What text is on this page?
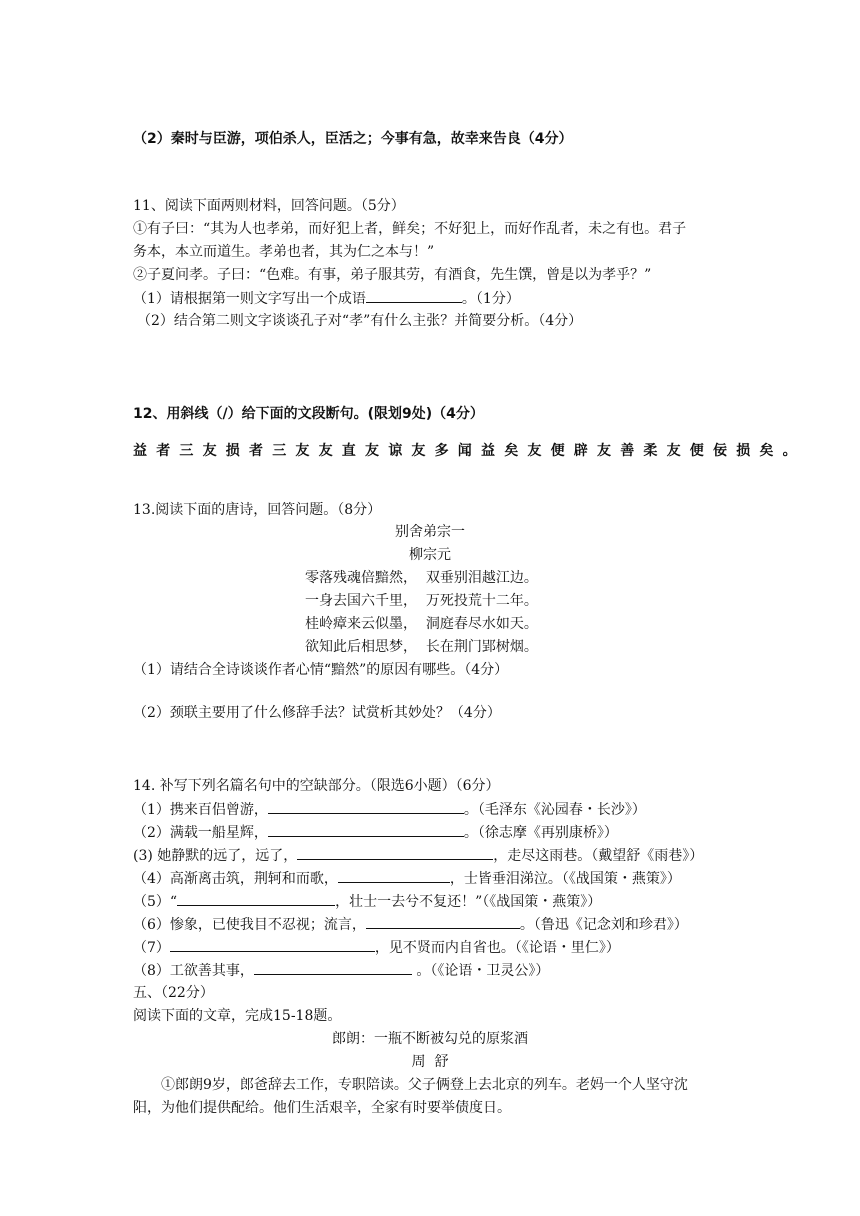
（2）秦时与臣游，项伯杀人，臣活之；今事有急，故幸来告良（4分）
11、阅读下面两则材料，回答问题。（5分）
①有子曰：“其为人也孝弟，而好犯上者，鲜矣；不好犯上，而好作乱者，未之有也。君子
务本，本立而道生。孝弟也者，其为仁之本与！”
②子夏问孝。子曰：“色难。有事，弟子服其劳，有酒食，先生馔，曾是以为孝乎？”
（1）请根据第一则文字写出一个成语	。（1分）
（2）结合第二则文字谈谈孔子对“孝”有什么主张？并简要分析。（4分）
12、用斜线（/）给下面的文段断句。(限划9处)（4分）
益者三友损者三友友直友谅友多闻益矣友便辟友善柔友便佞损矣。
13.阅读下面的唐诗，回答问题。（8分）
别舍弟宗一
柳宗元
零落残魂倍黯然，  双垂别泪越江边。
一身去国六千里，  万死投荒十二年。
桂岭瘴来云似墨，  洞庭春尽水如天。
欲知此后相思梦，  长在荆门郢树烟。
（1）请结合全诗谈谈作者心情“黯然”的原因有哪些。（4分）
（2）颈联主要用了什么修辞手法？试赏析其妙处？（4分）
14. 补写下列名篇名句中的空缺部分。（限选6小题）（6分）
（1）携来百侣曾游，	。（毛泽东《沁园春・长沙》）
（2）满载一船星辉，	。（徐志摩《再别康桥》）
(3) 她静默的远了，远了，	，走尽这雨巷。（戴望舒《雨巷》）
（4）高渐离击筑，荆轲和而歌，	，士皆垂泪涕泣。（《战国策・燕策》）
（5）“	，壮士一去兮不复还！”（《战国策・燕策》）
（6）惨象，已使我目不忍视；流言，	。（鲁迅《记念刘和珍君》）
（7）	，见不贤而内自省也。（《论语・里仁》）
（8）工欲善其事，	。（《论语・卫灵公》）
五、（22分）
阅读下面的文章，完成15-18题。
郎朗：一瓶不断被勾兑的原浆酒
周  舒
①郎朗9岁，郎爸辞去工作，专职陪读。父子俩登上去北京的列车。老妈一个人坚守沈
阳，为他们提供配给。他们生活艰辛，全家有时要举债度日。
